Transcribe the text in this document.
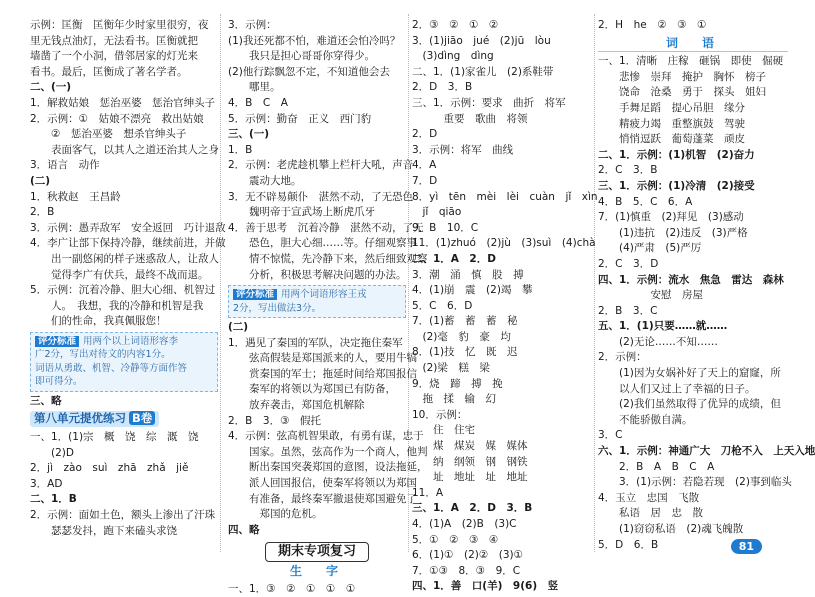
示例：匡衡　匡衡年少时家里很穷，夜
里无钱点油灯，无法看书。匡衡就把
墙凿了一个小洞，借邻居家的灯光来
看书。最后，匡衡成了著名学者。
二、(一)
1．解救姑娘　惩治巫婆　惩治官绅头子
2．示例：①　姑娘不漂亮　救出姑娘
　　②　惩治巫婆　想杀官绅头子
　　表面客气，以其人之道还治其人之身
3．语言　动作
(二)
1．秋救赵　王昌龄
2．B
3．示例：愚弄敌军　安全返回　巧计退敌
4．李广让部下保持冷静，继续前进，并做
　　出一副悠闲的样子迷惑敌人，让敌人
　　觉得李广有伏兵，最终不战而退。
5．示例：沉着冷静、胆大心细、机智过
　　人。　我想，我的冷静和机智是我
　　们的性命，我真佩服您！
评分标准 用两个以上词语形容李
广2分，写出对待文的内容1分。
词语从勇敢、机智、冷静等方面作答
即可得分。
三、略
第八单元提优练习 B卷
一、1．(1)宗　概　饶　综　溉　饶
　　(2)D
2．jì　zào　suì　zhā　zhǎ　jiě
3．AD
二、1．B
2．示例：面如土色，额头上渗出了汗珠
　　瑟瑟发抖，跑下来磕头求饶
3．示例：
(1)我还死都不怕，难道还会怕冷吗？
　　我只是担心哥哥你穿得少。
(2)他行踪飘忽不定，不知道他会去
　　哪里。
4．B　C　A
5．示例：勤奋　正义　西门豹
三、(一)
1．B
2．示例：老虎趁机攀上栏杆大吼，声音
　　震动大地。
3．无不辟易颠仆　湛然不动，了无恐色
　　魏明帝于宣武场上断虎爪牙
4．善于思考　沉着冷静　湛然不动，了无
　　恐色，胆大心细……等。仔细观察事
　　情不惊慌，先冷静下来，然后细致观察
　　分析，积极思考解决问题的办法。
评分标准 用两个词语形容王戎
2分，写出做法3分。
(二)
1．遇见了秦国的军队，决定拖住秦军
　　弦高假装是郑国派来的人，要用牛犒
　　赏秦国的军士；拖延时间给郑国报信
　　秦军的将领以为郑国已有防备，
　　放弃袭击，郑国危机解除
2．B　3．③　假托
4．示例：弦高机智果敢，有勇有谋，忠于
　　国家。虽然，弦高作为一个商人，他判
　　断出秦国突袭郑国的意图，设法拖延，
　　派人回国报信，使秦军将领以为郑国
　　有准备，最终秦军撤退使郑国避免了
　　　郑国的危机。
四、略
期末专项复习
生　字
一、1．③　②　①　①　①
2．③　②　①　②
3．(1)jiāo　jué　(2)jū　lòu
　(3)dìng　dìng
二、1．(1)家雀儿　(2)系鞋带
2．D　3．B
三、1．示例：要求　曲折　将军
　　　重要　歌曲　将领
2．D
3．示例：将军　曲线
4．A
7．D
8．yì　tēn　mèi　lèi　cuàn　jǐ　xìn
　jǐ　qiāo
9．B　10．C
11．(1)zhuó　(2)jù　(3)suì　(4)chà
二、1．A　2．D
3．潮　涌　慎　股　搏
4．(1)崩　震　(2)竭　攀
5．C　6．D
7．(1)蓄　蓄　蓄　秘
　(2)毫　豹　豪　均
8．(1)技　忆　既　迟
　(2)梁　糕　梁
9．烧　蹄　搏　挽
　拖　揉　输　幻
10．示例：
　　住　住宅
　　煤　煤炭　媒　媒体
　　纳　纲领　钢　钢铁
　　址　地址　址　地址
11．A
三、1．A　2．D　3．B
4．(1)A　(2)B　(3)C
5．①　②　③　④
6．(1)①　(2)②　(3)①
7．①③　8．③　9．C
四、1．善　口(羊)　9(6)　竖
2．H　he　②　③　①
词　语
一、1．清晰　庄稼　砸锅　即使　倔硬
　　悲惨　崇拜　掩护　胸怀　榜子
　　饶命　沧桑　勇于　探头　姐妇
　　手舞足蹈　提心吊胆　缘分
　　精疲力竭　重整旗鼓　驾驶
　　悄悄逗跃　葡萄蓬菜　顽皮
二、1．示例：(1)机智　(2)奋力
2．C　3．B
三、1．示例：(1)冷清　(2)接受
4．B　5．C　6．A
7．(1)慎重　(2)拜见　(3)感动
　　(1)违抗　(2)违反　(3)严格
　　(4)严肃　(5)严厉
2．C　3．D
四、1．示例：流水　焦急　雷达　森林
　　　　　安慰　房屋
2．B　3．C
五、1．(1)只要……就……
　　(2)无论……不知……
2．示例：
　　(1)因为女娲补好了天上的窟窿，所
　　以人们又过上了幸福的日子。
　　(2)我们虽然取得了优异的成绩，但
　　不能骄傲自满。
3．C
六、1．示例：神通广大　刀枪不入　上天入地
　　2．B　A　B　C　A
　　3．(1)示例：若隐若现　(2)事到临头
4．玉立　忠国　飞散
　　私语　居　忠　散
　　(1)窃窃私语　(2)魂飞魄散
5．D　6．B	81
